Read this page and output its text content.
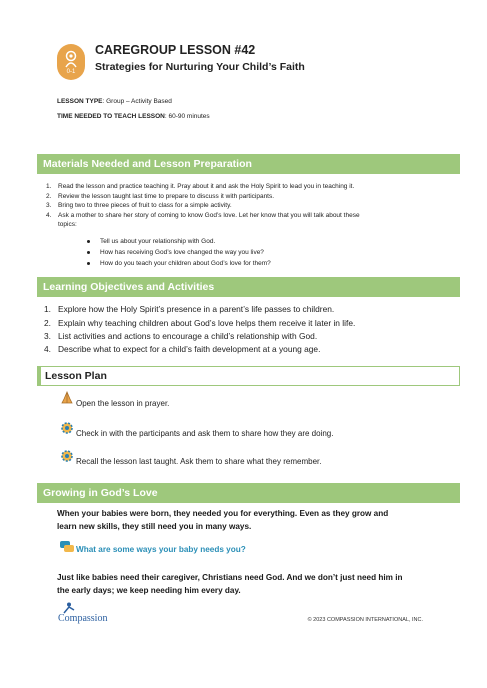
0-1
CAREGROUP LESSON #42
Strategies for Nurturing Your Child’s Faith
LESSON TYPE: Group – Activity Based
TIME NEEDED TO TEACH LESSON: 60-90 minutes
Materials Needed and Lesson Preparation
1. Read the lesson and practice teaching it. Pray about it and ask the Holy Spirit to lead you in teaching it.
2. Review the lesson taught last time to prepare to discuss it with participants.
3. Bring two to three pieces of fruit to class for a simple activity.
4. Ask a mother to share her story of coming to know God’s love. Let her know that you will talk about these
topics:
Tell us about your relationship with God.
How has receiving God’s love changed the way you live?
How do you teach your children about God’s love for them?
Learning Objectives and Activities
1. Explore how the Holy Spirit’s presence in a parent’s life passes to children.
2. Explain why teaching children about God’s love helps them receive it later in life.
3. List activities and actions to encourage a child’s relationship with God.
4. Describe what to expect for a child’s faith development at a young age.
Lesson Plan
Open the lesson in prayer.
Check in with the participants and ask them to share how they are doing.
Recall the lesson last taught. Ask them to share what they remember.
Growing in God’s Love
When your babies were born, they needed you for everything. Even as they grow and
learn new skills, they still need you in many ways.
What are some ways your baby needs you?
Just like babies need their caregiver, Christians need God. And we don’t just need him in
the early days; we keep needing him every day.
Compassion	© 2023 COMPASSION INTERNATIONAL, INC.
